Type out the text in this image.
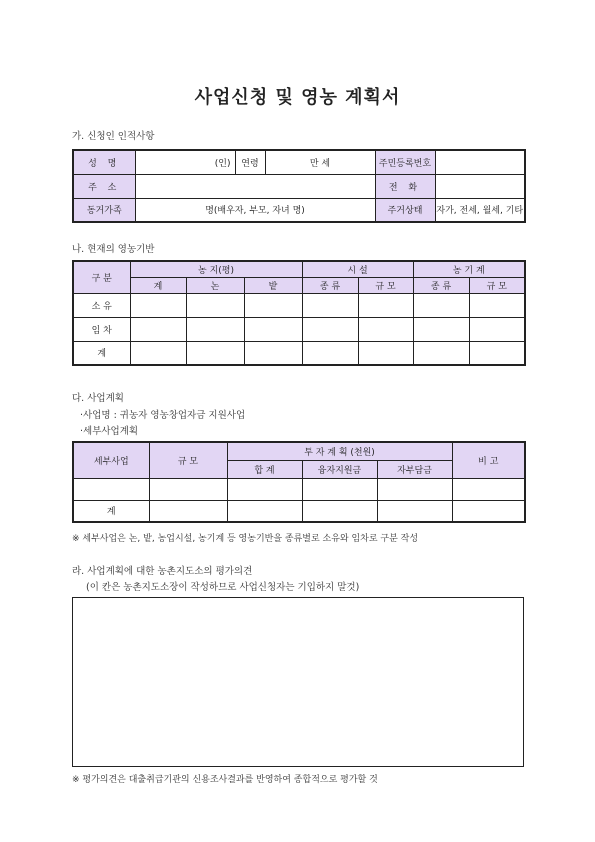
사업신청 및 영농 계획서
가. 신청인 인적사항
성 명	(인)	연령	만 세	주민등록번호	
주 소				전 화	
동거가족	명(배우자, 부모, 자녀 명)			주거상태	자가, 전세, 월세, 기타
나. 현재의 영농기반
구 분	농 지(평)			시 설		농 기 계	
	계	논	밭	종 류	규 모	종 류	규 모
소 유							
임 차							
계							
다. 사업계획
·사업명 : 귀농자 영농창업자금 지원사업
·세부사업계획
세부사업	규 모	투 자 계 획 (천원)			비 고
		합 계	융자지원금	자부담금	

계					
※ 세부사업은 논, 밭, 농업시설, 농기계 등 영농기반을 종류별로 소유와 임차로 구분 작성
라. 사업계획에 대한 농촌지도소의 평가의견
(이 칸은 농촌지도소장이 작성하므로 사업신청자는 기입하지 말것)
※ 평가의견은 대출취급기관의 신용조사결과를 반영하여 종합적으로 평가할 것
